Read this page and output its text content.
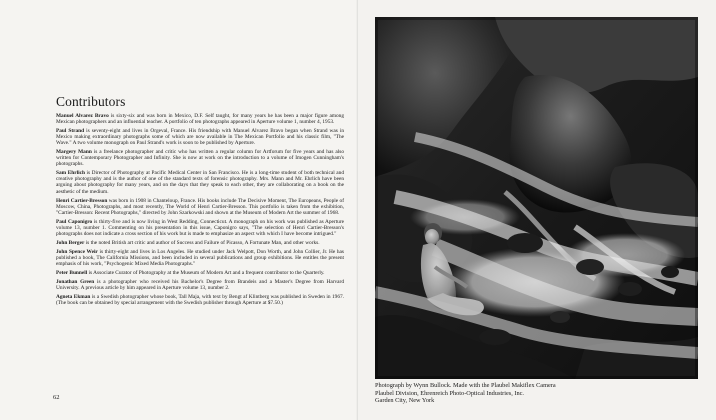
Contributors

Manuel Alvarez Bravo is sixty-six and was born in Mexico, D.F. Self taught, for many years he has been a major figure among Mexican photographers and an influential teacher. A portfolio of ten photographs appeared in Aperture volume 1, number 4, 1953.

Paul Strand is seventy-eight and lives in Orgeval, France. His friendship with Manuel Alvarez Bravo began when Strand was in Mexico making extraordinary photographs some of which are now available in The Mexican Portfolio and his classic film, "The Wave." A two volume monograph on Paul Strand's work is soon to be published by Aperture.

Margery Mann is a freelance photographer and critic who has written a regular column for Artforum for five years and has also written for Contemporary Photographer and Infinity. She is now at work on the introduction to a volume of Imogen Cunningham's photographs.

Sam Ehrlich is Director of Photography at Pacific Medical Center in San Francisco. He is a long-time student of both technical and creative photography and is the author of one of the standard texts of forensic photography. Mrs. Mann and Mr. Ehrlich have been arguing about photography for many years, and on the days that they speak to each other, they are collaborating on a book on the aesthetic of the medium.

Henri Cartier-Bresson was born in 1908 in Chanteloup, France. His books include The Decisive Moment, The Europeans, People of Moscow, China, Photographs, and most recently, The World of Henri Cartier-Bresson. This portfolio is taken from the exhibition, "Cartier-Bresson: Recent Photographs," directed by John Szarkowski and shown at the Museum of Modern Art the summer of 1968.

Paul Caponigro is thirty-five and is now living in West Redding, Connecticut. A monograph on his work was published as Aperture volume 13, number 1. Commenting on his presentation in this issue, Caponigro says, "The selection of Henri Cartier-Bresson's photographs does not indicate a cross section of his work but is made to emphasize an aspect with which I have become intrigued."

John Berger is the noted British art critic and author of Success and Failure of Picasso, A Fortunate Man, and other works.

John Spence Weir is thirty-eight and lives in Los Angeles. He studied under Jack Welpott, Don Worth, and John Collier, Jr. He has published a book, The California Missions, and been included in several publications and group exhibitions. He entitles the present emphasis of his work, "Psychogenic Mixed Media Photographs."

Peter Bunnell is Associate Curator of Photography at the Museum of Modern Art and a frequent contributor to the Quarterly.

Jonathan Green is a photographer who received his Bachelor's Degree from Brandeis and a Master's Degree from Harvard University. A previous article by him appeared in Aperture volume 13, number 2.

Agneta Ekman is a Swedish photographer whose book, Tall Maja, with text by Bengt af Klintberg was published in Sweden in 1967. (The book can be obtained by special arrangement with the Swedish publisher through Aperture at $7.50.)

62
Photograph by Wynn Bullock. Made with the Plaubel Makiflex Camera
Plaubel Division, Ehrenreich Photo-Optical Industries, Inc.
Garden City, New York
